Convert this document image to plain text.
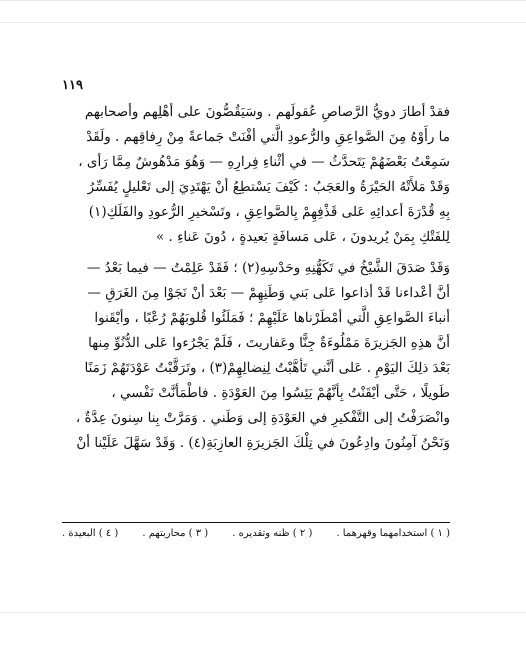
١١٩

فقدْ أطارَ دويُّ الرَّصاصِ عُقولَهم . وسَيَقُصُّونَ على أهْلِهم وأصحابهم

ما رأَوْهُ مِنَ الصَّواعِقِ والرُّعودِ الَّتي أفْنَتْ جَماعةً مِنْ رِفاقِهم . ولَقَدْ

سَمِعْتُ بَعْضَهُمْ يَتَحدَّثُ — في أثْناءِ فِرارِهِ — وَهُوَ مَدْهُوشٌ مِمَّا رَأى ،

وَقَدْ مَلأَتْهُ الحَيْرَةُ والعَجَبُ : كَيْفَ يَسْتطِعُ أنْ يَهْتَدِيَ إلى تَعْليلٍ يُفَسِّرُ

بِهِ قُدْرَةَ أعدائِهِ عَلى قَذْفِهِمْ بِالصَّواعِقِ ، وتَسْخيرِ الرُّعودِ والفَلَكِ(١)

لِلفَتْكِ بِمَنْ يُريدونَ ، عَلى مَسافَةٍ بَعيدةٍ ، دُونَ عَناءِ . »

وَقَدْ صَدَقَ الشَّيْخُ في تَكَهُّنِهِ وحَدْسِهِ(٢) ؛ فَقَدْ عَلِمْتُ — فيما بَعْدُ —

أنَّ أعْداءنا قَدْ أذاعوا عَلى بَني وَطَنِهِمْ — بَعْدَ أنْ نَجَوْا مِنَ الغَرَقِ —

أنباءَ الصَّواعِقِ الَّتي أمْطَرْناها عَلَيْهِمْ ؛ فَمَلَئُوا قُلوبَهُمْ رُعْبًا ، وأيْقَنوا

أنَّ هذِهِ الجَزيرَةَ مَمْلُوءَةٌ جِنًّا وعَفاريتَ ، فَلَمْ يَجْرُءوا عَلى الدُّنُوِّ مِنها

بَعْدَ ذلِكَ اليَوْمِ . عَلى أنَّني تَأهَّبْتُ لِنِضالِهِمْ(٣) ، وتَرَقَّبْتُ عَوْدَتَهُمْ زَمَنًا

طَويلًا ، حَتَّى أيْقَنْتُ بِأنَّهُمْ يَئِسُوا مِنَ العَوْدَةِ . فاطْمَأنَّتْ نَفْسي ،

وانْصَرَفْتُ إلى التَّفْكيرِ في العَوْدَةِ إلى وَطَني . وَمَرَّتْ بِنا سِنونَ عِدَّةٌ ،

وَنَحْنُ آمِنُونَ وادِعُونَ في تِلْكَ الجَزيرَةِ العازِبَةِ(٤) . وَقَدْ سَهَّلَ عَلَيْنا أنْ

( ١ ) استخدامهما وقهرهما .
( ٢ ) ظنه وتقديره .
( ٣ ) محاربتهم .
( ٤ ) البعيدة .
